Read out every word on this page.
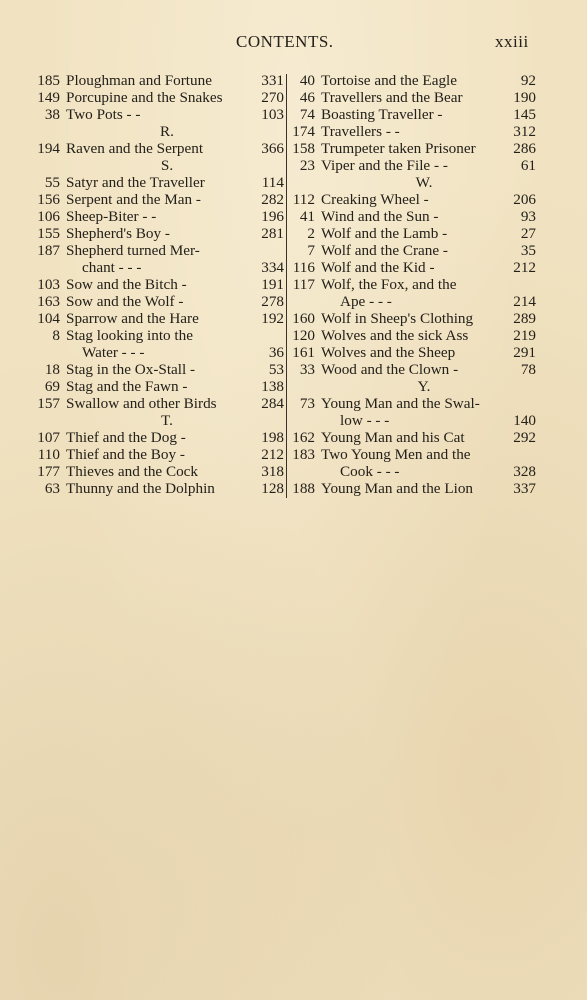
CONTENTS.	xxiii
185 Ploughman and Fortune	331
149 Porcupine and the Snakes	270
38 Two Pots - -	103
R.
194 Raven and the Serpent	366
S.
55 Satyr and the Traveller	114
156 Serpent and the Man -	282
106 Sheep-Biter - -	196
155 Shepherd's Boy -	281
187 Shepherd turned Mer-
chant - - -	334
103 Sow and the Bitch -	191
163 Sow and the Wolf -	278
104 Sparrow and the Hare	192
8 Stag looking into the
Water - - -	36
18 Stag in the Ox-Stall -	53
69 Stag and the Fawn -	138
157 Swallow and other Birds	284
T.
107 Thief and the Dog -	198
110 Thief and the Boy -	212
177 Thieves and the Cock	318
63 Thunny and the Dolphin	128
40 Tortoise and the Eagle	92
46 Travellers and the Bear	190
74 Boasting Traveller -	145
174 Travellers - -	312
158 Trumpeter taken Prisoner 286
23 Viper and the File - -	61
W.
112 Creaking Wheel -	206
41 Wind and the Sun -	93
2 Wolf and the Lamb -	27
7 Wolf and the Crane -	35
116 Wolf and the Kid -	212
117 Wolf, the Fox, and the
Ape - - -	214
160 Wolf in Sheep's Clothing	289
120 Wolves and the sick Ass	219
161 Wolves and the Sheep	291
33 Wood and the Clown -	78
Y.
73 Young Man and the Swal-
low - - -	140
162 Young Man and his Cat	292
183 Two Young Men and the
Cook - - -	328
188 Young Man and the Lion	337
